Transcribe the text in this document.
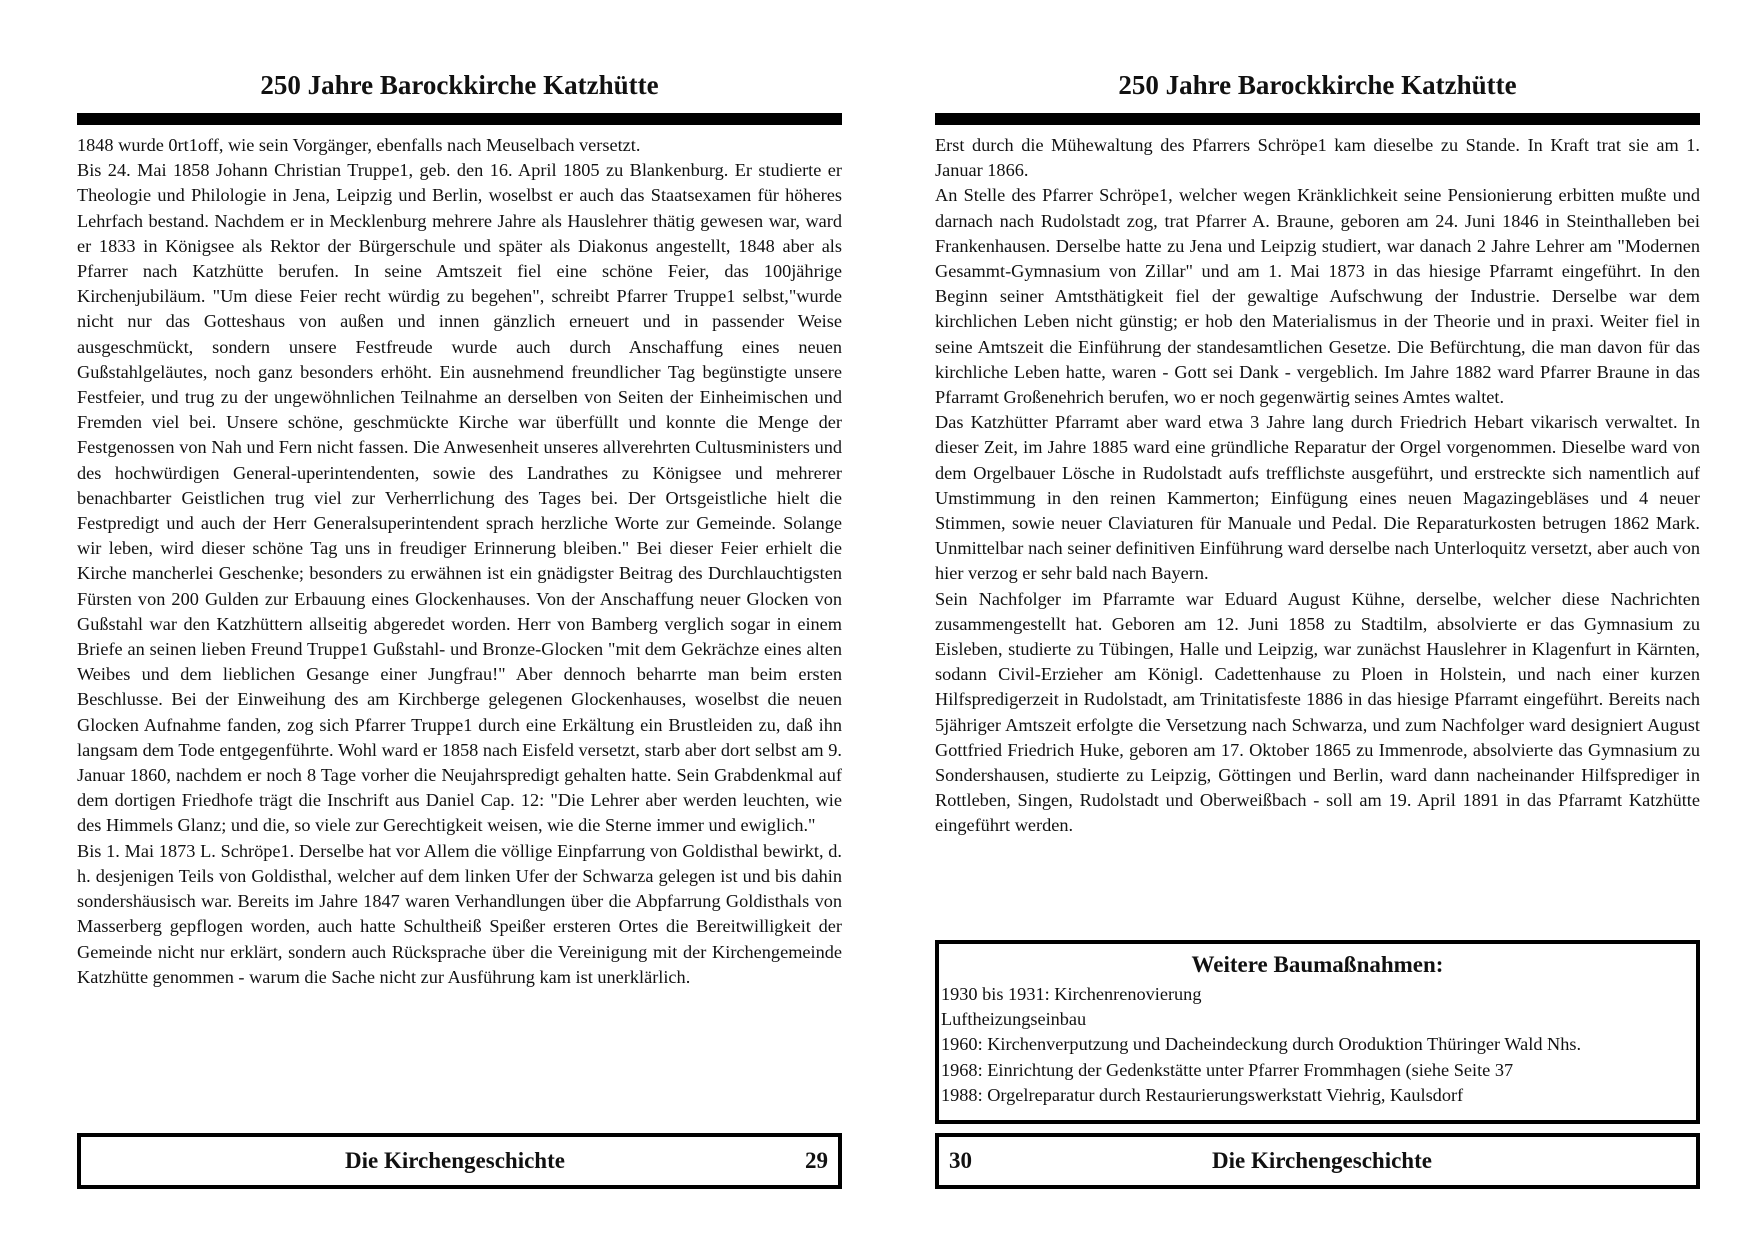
250 Jahre Barockkirche Katzhütte

1848 wurde 0rt1off, wie sein Vorgänger, ebenfalls nach Meuselbach versetzt.

Bis 24. Mai 1858 Johann Christian Truppe1, geb. den 16. April 1805 zu Blankenburg. Er studierte er Theologie und Philologie in Jena, Leipzig und Berlin, woselbst er auch das Staatsexamen für höheres Lehrfach bestand. Nachdem er in Mecklenburg mehrere Jahre als Hauslehrer thätig gewesen war, ward er 1833 in Königsee als Rektor der Bürgerschule und später als Diakonus angestellt, 1848 aber als Pfarrer nach Katzhütte berufen. In seine Amtszeit fiel eine schöne Feier, das 100jährige Kirchenjubiläum. "Um diese Feier recht würdig zu begehen", schreibt Pfarrer Truppe1 selbst,"wurde nicht nur das Gotteshaus von außen und innen gänzlich erneuert und in passender Weise ausgeschmückt, sondern unsere Festfreude wurde auch durch Anschaffung eines neuen Gußstahlgeläutes, noch ganz besonders erhöht. Ein ausnehmend freundlicher Tag begünstigte unsere Festfeier, und trug zu der ungewöhnlichen Teilnahme an derselben von Seiten der Einheimischen und Fremden viel bei. Unsere schöne, geschmückte Kirche war überfüllt und konnte die Menge der Festgenossen von Nah und Fern nicht fassen. Die Anwesenheit unseres allverehrten Cultusministers und des hochwürdigen General-uperintendenten, sowie des Landrathes zu Königsee und mehrerer benachbarter Geistlichen trug viel zur Verherrlichung des Tages bei. Der Ortsgeistliche hielt die Festpredigt und auch der Herr Generalsuperintendent sprach herzliche Worte zur Gemeinde. Solange wir leben, wird dieser schöne Tag uns in freudiger Erinnerung bleiben." Bei dieser Feier erhielt die Kirche mancherlei Geschenke; besonders zu erwähnen ist ein gnädigster Beitrag des Durchlauchtigsten Fürsten von 200 Gulden zur Erbauung eines Glockenhauses. Von der Anschaffung neuer Glocken von Gußstahl war den Katzhüttern allseitig abgeredet worden. Herr von Bamberg verglich sogar in einem Briefe an seinen lieben Freund Truppe1 Gußstahl- und Bronze-Glocken "mit dem Gekrächze eines alten Weibes und dem lieblichen Gesange einer Jungfrau!" Aber dennoch beharrte man beim ersten Beschlusse. Bei der Einweihung des am Kirchberge gelegenen Glockenhauses, woselbst die neuen Glocken Aufnahme fanden, zog sich Pfarrer Truppe1 durch eine Erkältung ein Brustleiden zu, daß ihn langsam dem Tode entgegenführte. Wohl ward er 1858 nach Eisfeld versetzt, starb aber dort selbst am 9. Januar 1860, nachdem er noch 8 Tage vorher die Neujahrspredigt gehalten hatte. Sein Grabdenkmal auf dem dortigen Friedhofe trägt die Inschrift aus Daniel Cap. 12: "Die Lehrer aber werden leuchten, wie des Himmels Glanz; und die, so viele zur Gerechtigkeit weisen, wie die Sterne immer und ewiglich."

Bis 1. Mai 1873 L. Schröpe1. Derselbe hat vor Allem die völlige Einpfarrung von Goldisthal bewirkt, d. h. desjenigen Teils von Goldisthal, welcher auf dem linken Ufer der Schwarza gelegen ist und bis dahin sondershäusisch war. Bereits im Jahre 1847 waren Verhandlungen über die Abpfarrung Goldisthals von Masserberg gepflogen worden, auch hatte Schultheiß Speißer ersteren Ortes die Bereitwilligkeit der Gemeinde nicht nur erklärt, sondern auch Rücksprache über die Vereinigung mit der Kirchengemeinde Katzhütte genommen - warum die Sache nicht zur Ausführung kam ist unerklärlich.

Die Kirchengeschichte	29
250 Jahre Barockkirche Katzhütte

Erst durch die Mühewaltung des Pfarrers Schröpe1 kam dieselbe zu Stande. In Kraft trat sie am 1. Januar 1866.

An Stelle des Pfarrer Schröpe1, welcher wegen Kränklichkeit seine Pensionierung erbitten mußte und darnach nach Rudolstadt zog, trat Pfarrer A. Braune, geboren am 24. Juni 1846 in Steinthalleben bei Frankenhausen. Derselbe hatte zu Jena und Leipzig studiert, war danach 2 Jahre Lehrer am "Modernen Gesammt-Gymnasium von Zillar" und am 1. Mai 1873 in das hiesige Pfarramt eingeführt. In den Beginn seiner Amtsthätigkeit fiel der gewaltige Aufschwung der Industrie. Derselbe war dem kirchlichen Leben nicht günstig; er hob den Materialismus in der Theorie und in praxi. Weiter fiel in seine Amtszeit die Einführung der standesamtlichen Gesetze. Die Befürchtung, die man davon für das kirchliche Leben hatte, waren - Gott sei Dank - vergeblich. Im Jahre 1882 ward Pfarrer Braune in das Pfarramt Großenehrich berufen, wo er noch gegenwärtig seines Amtes waltet.

Das Katzhütter Pfarramt aber ward etwa 3 Jahre lang durch Friedrich Hebart vikarisch verwaltet. In dieser Zeit, im Jahre 1885 ward eine gründliche Reparatur der Orgel vorgenommen. Dieselbe ward von dem Orgelbauer Lösche in Rudolstadt aufs trefflichste ausgeführt, und erstreckte sich namentlich auf Umstimmung in den reinen Kammerton; Einfügung eines neuen Magazingebläses und 4 neuer Stimmen, sowie neuer Claviaturen für Manuale und Pedal. Die Reparaturkosten betrugen 1862 Mark. Unmittelbar nach seiner definitiven Einführung ward derselbe nach Unterloquitz versetzt, aber auch von hier verzog er sehr bald nach Bayern.

Sein Nachfolger im Pfarramte war Eduard August Kühne, derselbe, welcher diese Nachrichten zusammengestellt hat. Geboren am 12. Juni 1858 zu Stadtilm, absolvierte er das Gymnasium zu Eisleben, studierte zu Tübingen, Halle und Leipzig, war zunächst Hauslehrer in Klagenfurt in Kärnten, sodann Civil-Erzieher am Königl. Cadettenhause zu Ploen in Holstein, und nach einer kurzen Hilfspredigerzeit in Rudolstadt, am Trinitatisfeste 1886 in das hiesige Pfarramt eingeführt. Bereits nach 5jähriger Amtszeit erfolgte die Versetzung nach Schwarza, und zum Nachfolger ward designiert August Gottfried Friedrich Huke, geboren am 17. Oktober 1865 zu Immenrode, absolvierte das Gymnasium zu Sondershausen, studierte zu Leipzig, Göttingen und Berlin, ward dann nacheinander Hilfsprediger in Rottleben, Singen, Rudolstadt und Oberweißbach - soll am 19. April 1891 in das Pfarramt Katzhütte eingeführt werden.

Weitere Baumaßnahmen:
1930 bis 1931: Kirchenrenovierung
Luftheizungseinbau
1960: Kirchenverputzung und Dacheindeckung durch Oroduktion Thüringer Wald Nhs.
1968: Einrichtung der Gedenkstätte unter Pfarrer Frommhagen (siehe Seite 37
1988: Orgelreparatur durch Restaurierungswerkstatt Viehrig, Kaulsdorf
30	Die Kirchengeschichte
